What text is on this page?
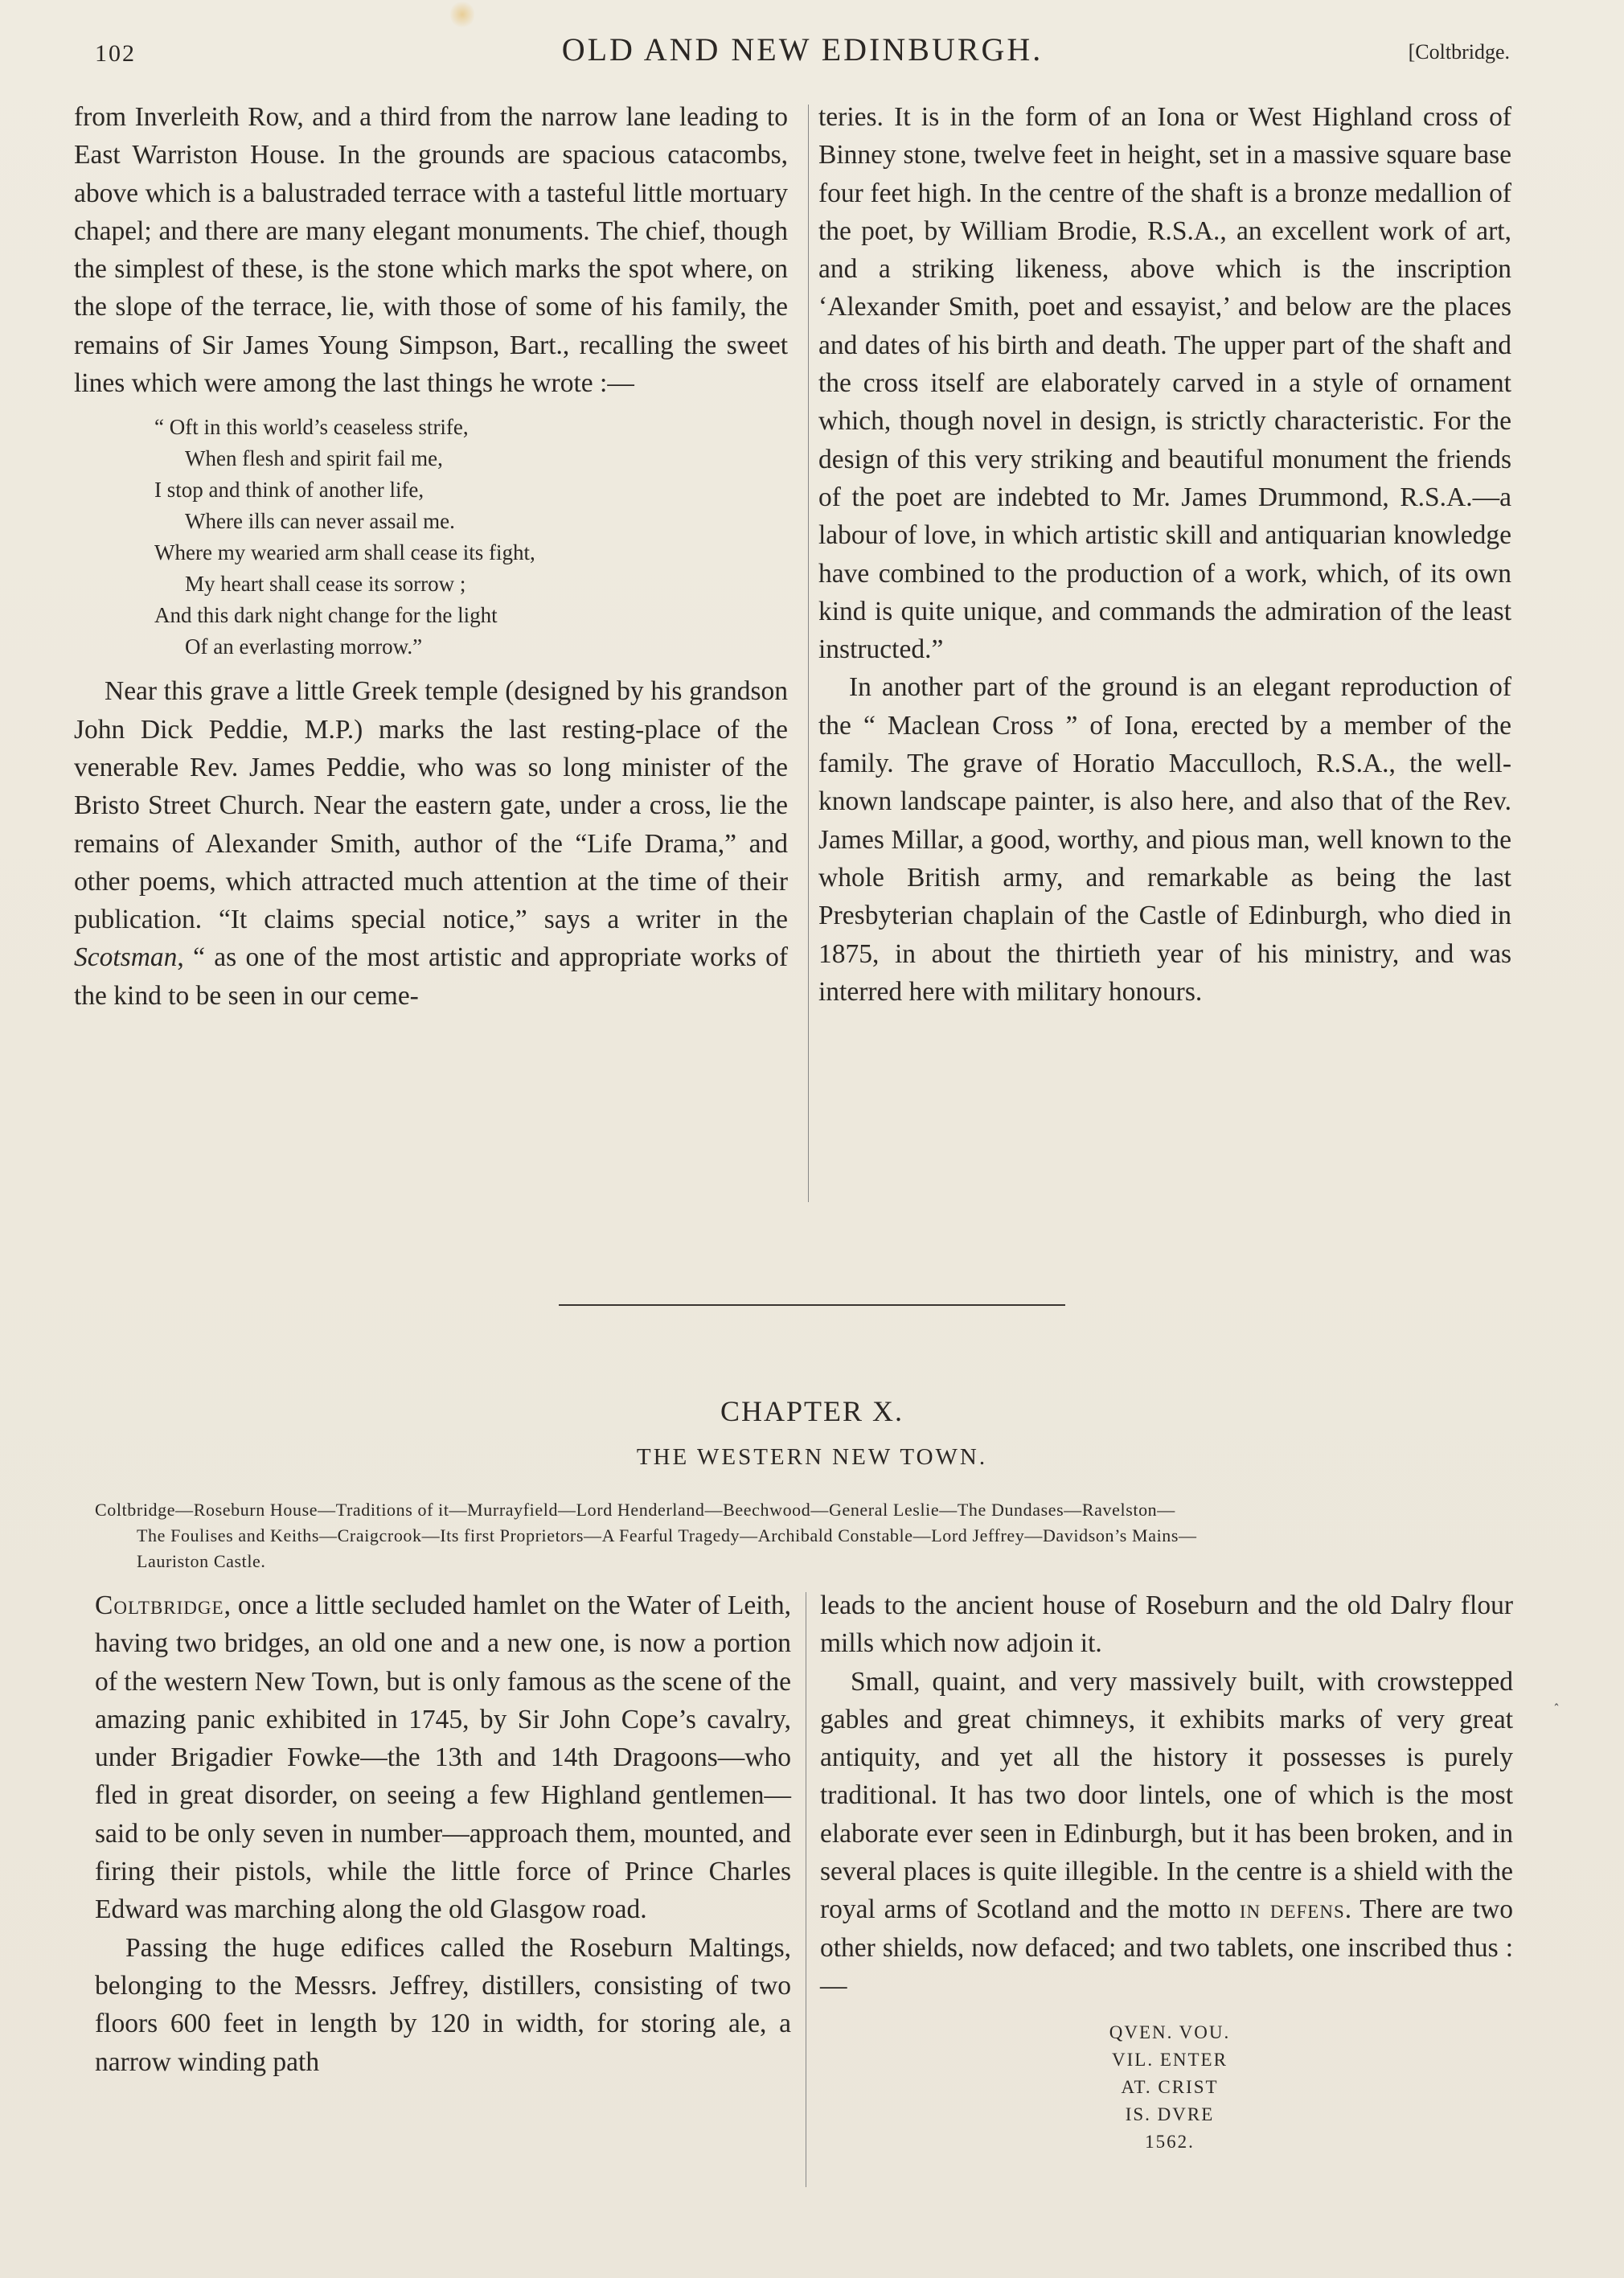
102	OLD AND NEW EDINBURGH.	[Coltbridge.

from Inverleith Row, and a third from the narrow lane leading to East Warriston House. In the grounds are spacious catacombs, above which is a balustraded terrace with a tasteful little mortuary chapel; and there are many elegant monuments. The chief, though the simplest of these, is the stone which marks the spot where, on the slope of the terrace, lie, with those of some of his family, the remains of Sir James Young Simpson, Bart., recalling the sweet lines which were among the last things he wrote :—

“ Oft in this world’s ceaseless strife,
When flesh and spirit fail me,
I stop and think of another life,
Where ills can never assail me.
Where my wearied arm shall cease its fight,
My heart shall cease its sorrow ;
And this dark night change for the light
Of an everlasting morrow.”

Near this grave a little Greek temple (designed by his grandson John Dick Peddie, M.P.) marks the last resting-place of the venerable Rev. James Peddie, who was so long minister of the Bristo Street Church. Near the eastern gate, under a cross, lie the remains of Alexander Smith, author of the “Life Drama,” and other poems, which attracted much attention at the time of their publication. “It claims special notice,” says a writer in the Scotsman, “ as one of the most artistic and appropriate works of the kind to be seen in our ceme-

teries. It is in the form of an Iona or West Highland cross of Binney stone, twelve feet in height, set in a massive square base four feet high. In the centre of the shaft is a bronze medallion of the poet, by William Brodie, R.S.A., an excellent work of art, and a striking likeness, above which is the inscription ‘Alexander Smith, poet and essayist,’ and below are the places and dates of his birth and death. The upper part of the shaft and the cross itself are elaborately carved in a style of ornament which, though novel in design, is strictly characteristic. For the design of this very striking and beautiful monument the friends of the poet are indebted to Mr. James Drummond, R.S.A.—a labour of love, in which artistic skill and antiquarian knowledge have combined to the production of a work, which, of its own kind is quite unique, and commands the admiration of the least instructed.”

In another part of the ground is an elegant reproduction of the “ Maclean Cross ” of Iona, erected by a member of the family. The grave of Horatio Macculloch, R.S.A., the well-known landscape painter, is also here, and also that of the Rev. James Millar, a good, worthy, and pious man, well known to the whole British army, and remarkable as being the last Presbyterian chaplain of the Castle of Edinburgh, who died in 1875, in about the thirtieth year of his ministry, and was interred here with military honours.

CHAPTER X.
THE WESTERN NEW TOWN.
Coltbridge—Roseburn House—Traditions of it—Murrayfield—Lord Henderland—Beechwood—General Leslie—The Dundases—Ravelston—
The Foulises and Keiths—Craigcrook—Its first Proprietors—A Fearful Tragedy—Archibald Constable—Lord Jeffrey—Davidson’s Mains—
Lauriston Castle.

Coltbridge, once a little secluded hamlet on the Water of Leith, having two bridges, an old one and a new one, is now a portion of the western New Town, but is only famous as the scene of the amazing panic exhibited in 1745, by Sir John Cope’s cavalry, under Brigadier Fowke—the 13th and 14th Dragoons—who fled in great disorder, on seeing a few Highland gentlemen—said to be only seven in number—approach them, mounted, and firing their pistols, while the little force of Prince Charles Edward was marching along the old Glasgow road.

Passing the huge edifices called the Roseburn Maltings, belonging to the Messrs. Jeffrey, distillers, consisting of two floors 600 feet in length by 120 in width, for storing ale, a narrow winding path

leads to the ancient house of Roseburn and the old Dalry flour mills which now adjoin it.

Small, quaint, and very massively built, with crowstepped gables and great chimneys, it exhibits marks of very great antiquity, and yet all the history it possesses is purely traditional. It has two door lintels, one of which is the most elaborate ever seen in Edinburgh, but it has been broken, and in several places is quite illegible. In the centre is a shield with the royal arms of Scotland and the motto in defens. There are two other shields, now defaced; and two tablets, one inscribed thus :—

QVEN. VOU.
VIL. ENTER
AT. CRIST
IS. DVRE
1562.
˰
